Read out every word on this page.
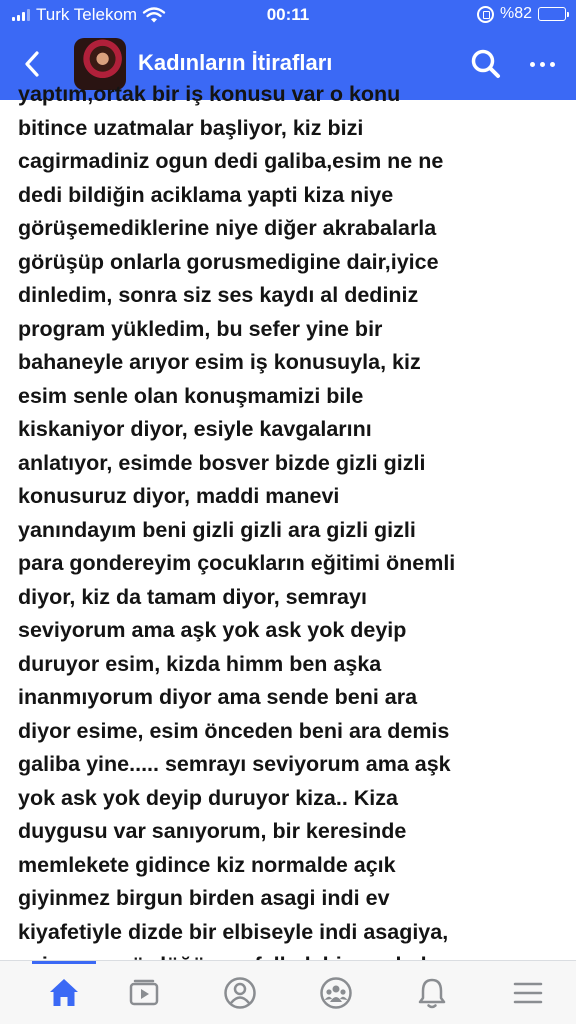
Turk Telekom	00:11	%82
Kadınların İtirafları
yaptım,ortak bir iş konusu var o konu
bitince uzatmalar başliyor, kiz bizi
cagirmadiniz ogun dedi galiba,esim ne ne
dedi bildiğin aciklama yapti kiza niye
görüşemediklerine niye diğer akrabalarla
görüşüp onlarla gorusmedigine dair,iyice
dinledim, sonra siz ses kaydı al dediniz
program yükledim, bu sefer yine bir
bahaneyle arıyor esim iş konusuyla, kiz
esim senle olan konuşmamizi bile
kiskaniyor diyor, esiyle kavgalarını
anlatıyor, esimde bosver bizde gizli gizli
konusuruz diyor, maddi manevi
yanındayım beni gizli gizli ara gizli gizli
para gondereyim çocukların eğitimi önemli
diyor, kiz da tamam diyor, semrayı
seviyorum ama aşk yok ask yok deyip
duruyor esim, kizda himm ben aşka
inanmıyorum diyor ama sende beni ara
diyor esime, esim önceden beni ara demis
galiba yine..... semrayı seviyorum ama aşk
yok ask yok deyip duruyor kiza.. Kiza
duygusu var sanıyorum, bir keresinde
memlekete gidince kiz normalde açık
giyinmez birgun birden asagi indi ev
kiyafetiyle dizde bir elbiseyle indi asagiya,
